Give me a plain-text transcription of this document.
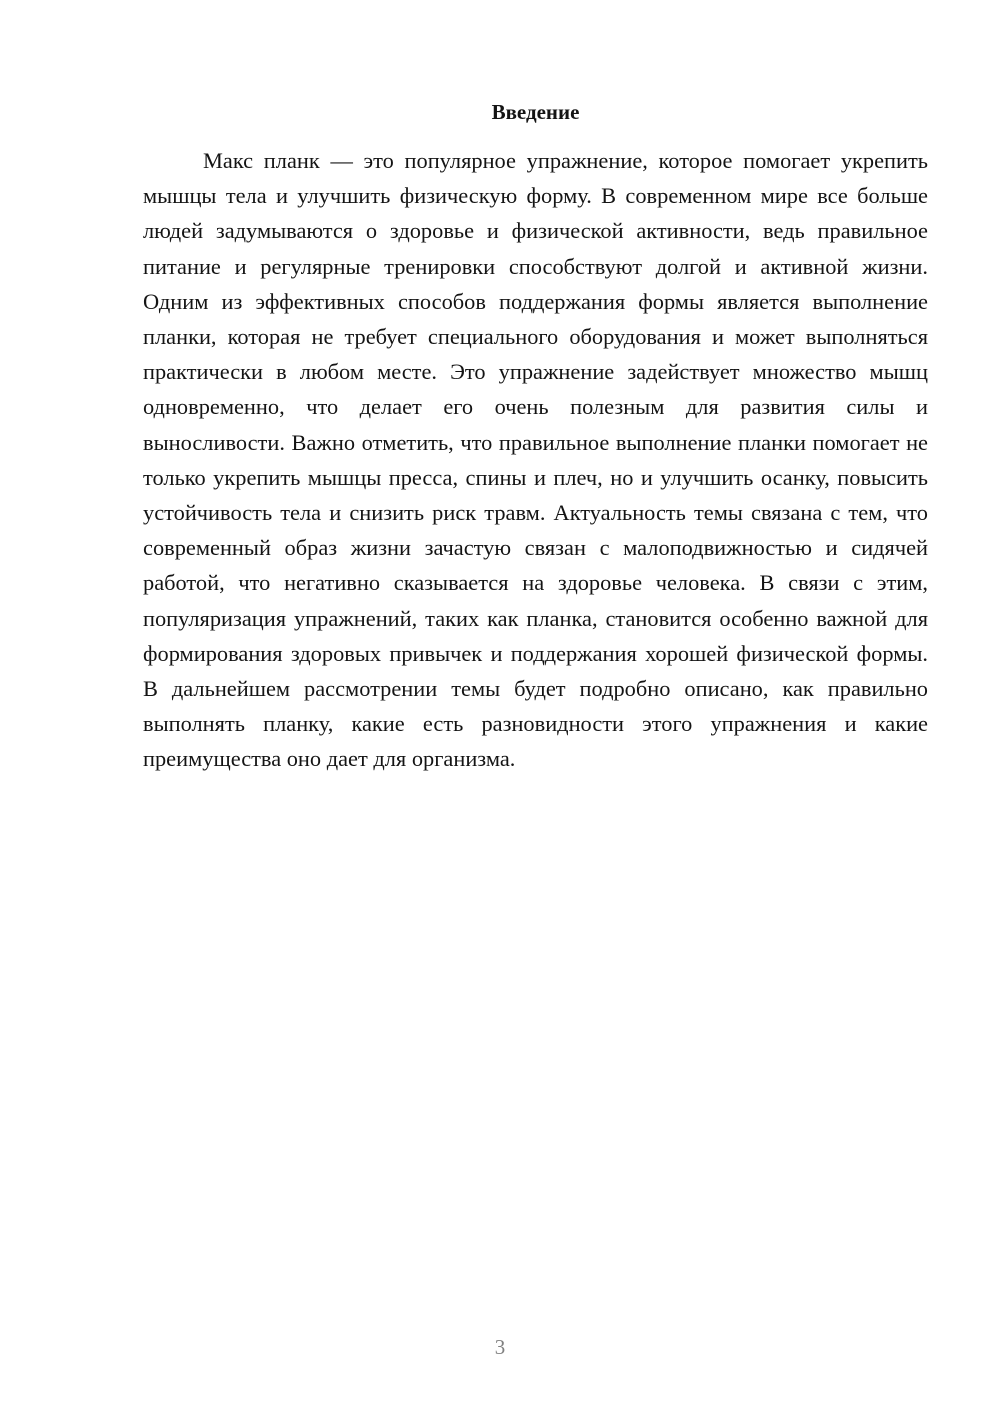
Введение

Макс планк — это популярное упражнение, которое помогает укрепить мышцы тела и улучшить физическую форму. В современном мире все больше людей задумываются о здоровье и физической активности, ведь правильное питание и регулярные тренировки способствуют долгой и активной жизни. Одним из эффективных способов поддержания формы является выполнение планки, которая не требует специального оборудования и может выполняться практически в любом месте. Это упражнение задействует множество мышц одновременно, что делает его очень полезным для развития силы и выносливости. Важно отметить, что правильное выполнение планки помогает не только укрепить мышцы пресса, спины и плеч, но и улучшить осанку, повысить устойчивость тела и снизить риск травм. Актуальность темы связана с тем, что современный образ жизни зачастую связан с малоподвижностью и сидячей работой, что негативно сказывается на здоровье человека. В связи с этим, популяризация упражнений, таких как планка, становится особенно важной для формирования здоровых привычек и поддержания хорошей физической формы. В дальнейшем рассмотрении темы будет подробно описано, как правильно выполнять планку, какие есть разновидности этого упражнения и какие преимущества оно дает для организма.

3
